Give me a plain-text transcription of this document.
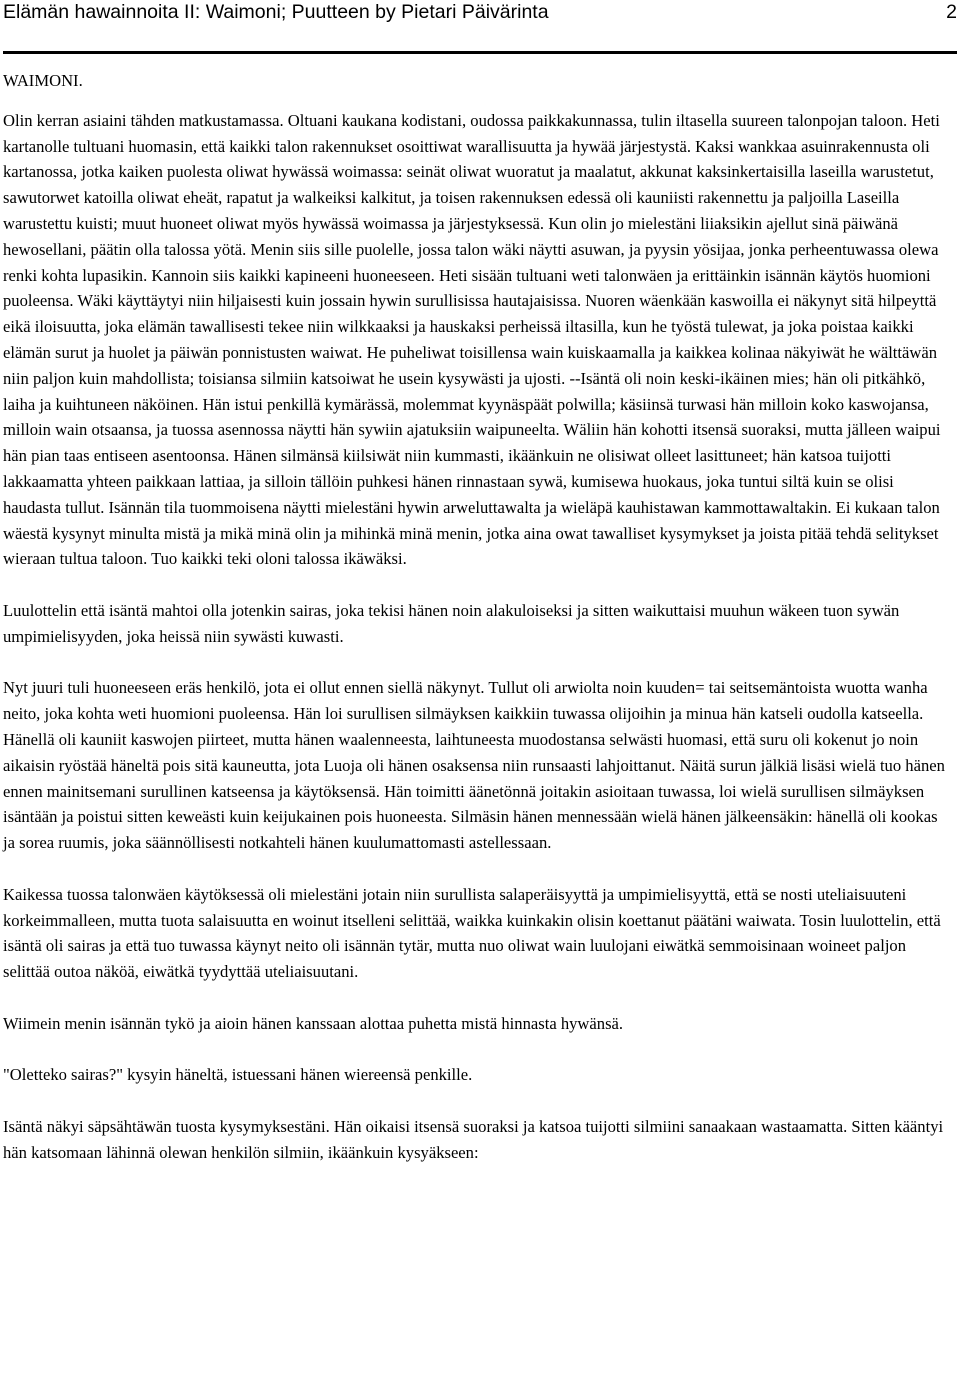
Elämän hawainnoita II: Waimoni; Puutteen by Pietari Päivärinta	2
WAIMONI.

Olin kerran asiaini tähden matkustamassa. Oltuani kaukana kodistani, oudossa paikkakunnassa, tulin iltasella suureen talonpojan taloon. Heti kartanolle tultuani huomasin, että kaikki talon rakennukset osoittiwat warallisuutta ja hywää järjestystä. Kaksi wankkaa asuinrakennusta oli kartanossa, jotka kaiken puolesta oliwat hywässä woimassa: seinät oliwat wuoratut ja maalatut, akkunat kaksinkertaisilla laseilla warustetut, sawutorwet katoilla oliwat eheät, rapatut ja walkeiksi kalkitut, ja toisen rakennuksen edessä oli kauniisti rakennettu ja paljoilla Laseilla warustettu kuisti; muut huoneet oliwat myös hywässä woimassa ja järjestyksessä. Kun olin jo mielestäni liiaksikin ajellut sinä päiwänä hewosellani, päätin olla talossa yötä. Menin siis sille puolelle, jossa talon wäki näytti asuwan, ja pyysin yösijaa, jonka perheentuwassa olewa renki kohta lupasikin. Kannoin siis kaikki kapineeni huoneeseen. Heti sisään tultuani weti talonwäen ja erittäinkin isännän käytös huomioni puoleensa. Wäki käyttäytyi niin hiljaisesti kuin jossain hywin surullisissa hautajaisissa. Nuoren wäenkään kaswoilla ei näkynyt sitä hilpeyttä eikä iloisuutta, joka elämän tawallisesti tekee niin wilkkaaksi ja hauskaksi perheissä iltasilla, kun he työstä tulewat, ja joka poistaa kaikki elämän surut ja huolet ja päiwän ponnistusten waiwat. He puheliwat toisillensa wain kuiskaamalla ja kaikkea kolinaa näkyiwät he wälttäwän niin paljon kuin mahdollista; toisiansa silmiin katsoiwat he usein kysywästi ja ujosti. --Isäntä oli noin keski-ikäinen mies; hän oli pitkähkö, laiha ja kuihtuneen näköinen. Hän istui penkillä kymärässä, molemmat kyynäspäät polwilla; käsiinsä turwasi hän milloin koko kaswojansa, milloin wain otsaansa, ja tuossa asennossa näytti hän sywiin ajatuksiin waipuneelta. Wäliin hän kohotti itsensä suoraksi, mutta jälleen waipui hän pian taas entiseen asentoonsa. Hänen silmänsä kiilsiwät niin kummasti, ikäänkuin ne olisiwat olleet lasittuneet; hän katsoa tuijotti lakkaamatta yhteen paikkaan lattiaa, ja silloin tällöin puhkesi hänen rinnastaan sywä, kumisewa huokaus, joka tuntui siltä kuin se olisi haudasta tullut. Isännän tila tuommoisena näytti mielestäni hywin arweluttawalta ja wieläpä kauhistawan kammottawaltakin. Ei kukaan talon wäestä kysynyt minulta mistä ja mikä minä olin ja mihinkä minä menin, jotka aina owat tawalliset kysymykset ja joista pitää tehdä selitykset wieraan tultua taloon. Tuo kaikki teki oloni talossa ikäwäksi.

Luulottelin että isäntä mahtoi olla jotenkin sairas, joka tekisi hänen noin alakuloiseksi ja sitten waikuttaisi muuhun wäkeen tuon sywän umpimielisyyden, joka heissä niin sywästi kuwasti.

Nyt juuri tuli huoneeseen eräs henkilö, jota ei ollut ennen siellä näkynyt. Tullut oli arwiolta noin kuuden= tai seitsemäntoista wuotta wanha neito, joka kohta weti huomioni puoleensa. Hän loi surullisen silmäyksen kaikkiin tuwassa olijoihin ja minua hän katseli oudolla katseella. Hänellä oli kauniit kaswojen piirteet, mutta hänen waalenneesta, laihtuneesta muodostansa selwästi huomasi, että suru oli kokenut jo noin aikaisin ryöstää häneltä pois sitä kauneutta, jota Luoja oli hänen osaksensa niin runsaasti lahjoittanut. Näitä surun jälkiä lisäsi wielä tuo hänen ennen mainitsemani surullinen katseensa ja käytöksensä. Hän toimitti äänetönnä joitakin asioitaan tuwassa, loi wielä surullisen silmäyksen isäntään ja poistui sitten keweästi kuin keijukainen pois huoneesta. Silmäsin hänen mennessään wielä hänen jälkeensäkin: hänellä oli kookas ja sorea ruumis, joka säännöllisesti notkahteli hänen kuulumattomasti astellessaan.

Kaikessa tuossa talonwäen käytöksessä oli mielestäni jotain niin surullista salaperäisyyttä ja umpimielisyyttä, että se nosti uteliaisuuteni korkeimmalleen, mutta tuota salaisuutta en woinut itselleni selittää, waikka kuinkakin olisin koettanut päätäni waiwata. Tosin luulottelin, että isäntä oli sairas ja että tuo tuwassa käynyt neito oli isännän tytär, mutta nuo oliwat wain luulojani eiwätkä semmoisinaan woineet paljon selittää outoa näköä, eiwätkä tyydyttää uteliaisuutani.

Wiimein menin isännän tykö ja aioin hänen kanssaan alottaa puhetta mistä hinnasta hywänsä.

"Oletteko sairas?" kysyin häneltä, istuessani hänen wiereensä penkille.

Isäntä näkyi säpsähtäwän tuosta kysymyksestäni. Hän oikaisi itsensä suoraksi ja katsoa tuijotti silmiini sanaakaan wastaamatta. Sitten kääntyi hän katsomaan lähinnä olewan henkilön silmiin, ikäänkuin kysyäkseen:
